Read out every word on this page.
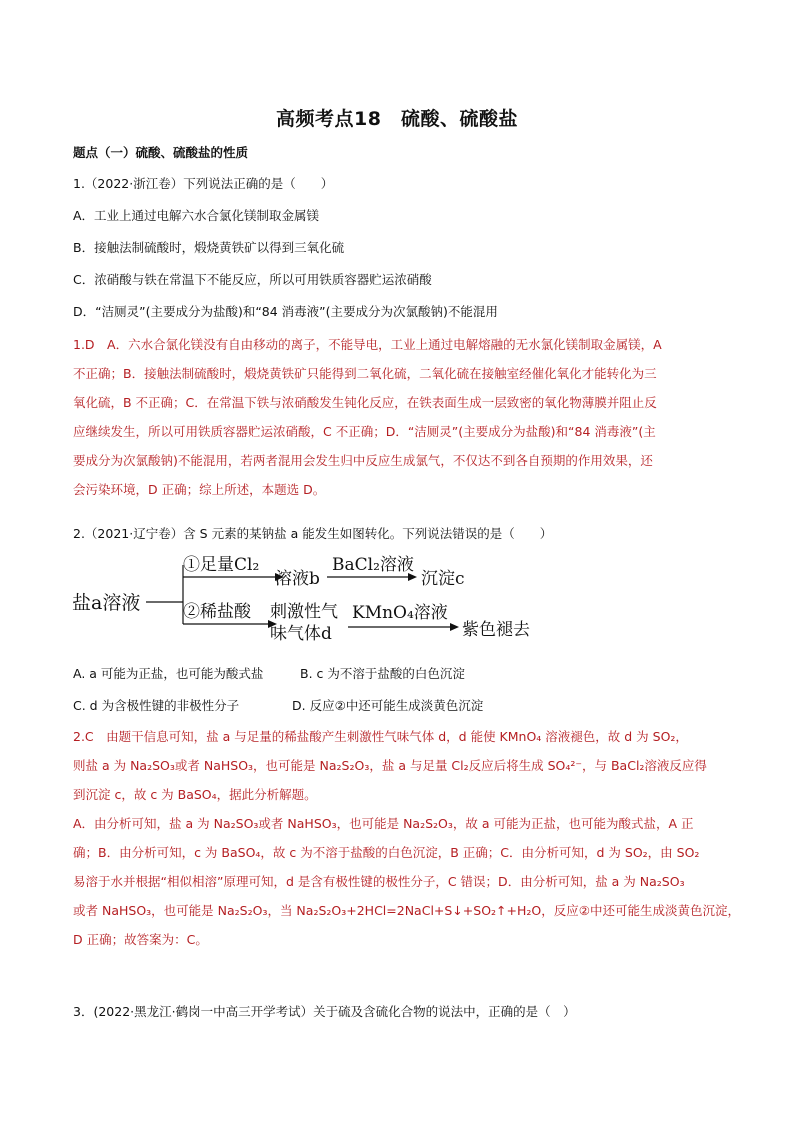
高频考点18　硫酸、硫酸盐
题点（一）硫酸、硫酸盐的性质
1.（2022·浙江卷）下列说法正确的是（　　）
A．工业上通过电解六水合氯化镁制取金属镁
B．接触法制硫酸时，煅烧黄铁矿以得到三氧化硫
C．浓硝酸与铁在常温下不能反应，所以可用铁质容器贮运浓硝酸
D．“洁厕灵”(主要成分为盐酸)和“84 消毒液”(主要成分为次氯酸钠)不能混用

1.D　A．六水合氯化镁没有自由移动的离子，不能导电，工业上通过电解熔融的无水氯化镁制取金属镁，A

不正确；B．接触法制硫酸时，煅烧黄铁矿只能得到二氧化硫，二氧化硫在接触室经催化氧化才能转化为三

氧化硫，B 不正确；C．在常温下铁与浓硝酸发生钝化反应，在铁表面生成一层致密的氧化物薄膜并阻止反

应继续发生，所以可用铁质容器贮运浓硝酸，C 不正确；D．“洁厕灵”(主要成分为盐酸)和“84 消毒液”(主

要成分为次氯酸钠)不能混用，若两者混用会发生归中反应生成氯气，不仅达不到各自预期的作用效果，还

会污染环境，D 正确；综上所述，本题选 D。

2.（2021·辽宁卷）含 S 元素的某钠盐 a 能发生如图转化。下列说法错误的是（　　）
盐a溶液
①足量Cl₂
溶液b
BaCl₂溶液
沉淀c
②稀盐酸 刺激性气
味气体d
KMnO₄溶液
紫色褪去
A. a 可能为正盐，也可能为酸式盐	B. c 为不溶于盐酸的白色沉淀
C. d 为含极性键的非极性分子	D. 反应②中还可能生成淡黄色沉淀

2.C　由题干信息可知，盐 a 与足量的稀盐酸产生刺激性气味气体 d，d 能使 KMnO₄ 溶液褪色，故 d 为 SO₂，

则盐 a 为 Na₂SO₃或者 NaHSO₃，也可能是 Na₂S₂O₃，盐 a 与足量 Cl₂反应后将生成 SO₄²⁻，与 BaCl₂溶液反应得

到沉淀 c，故 c 为 BaSO₄，据此分析解题。

A．由分析可知，盐 a 为 Na₂SO₃或者 NaHSO₃，也可能是 Na₂S₂O₃，故 a 可能为正盐，也可能为酸式盐，A 正

确；B．由分析可知，c 为 BaSO₄，故 c 为不溶于盐酸的白色沉淀，B 正确；C．由分析可知，d 为 SO₂，由 SO₂

易溶于水并根据“相似相溶”原理可知，d 是含有极性键的极性分子，C 错误；D．由分析可知，盐 a 为 Na₂SO₃

或者 NaHSO₃，也可能是 Na₂S₂O₃，当 Na₂S₂O₃+2HCl=2NaCl+S↓+SO₂↑+H₂O，反应②中还可能生成淡黄色沉淀，

D 正确；故答案为：C。

3．(2022·黑龙江·鹤岗一中高三开学考试）关于硫及含硫化合物的说法中，正确的是（　）
